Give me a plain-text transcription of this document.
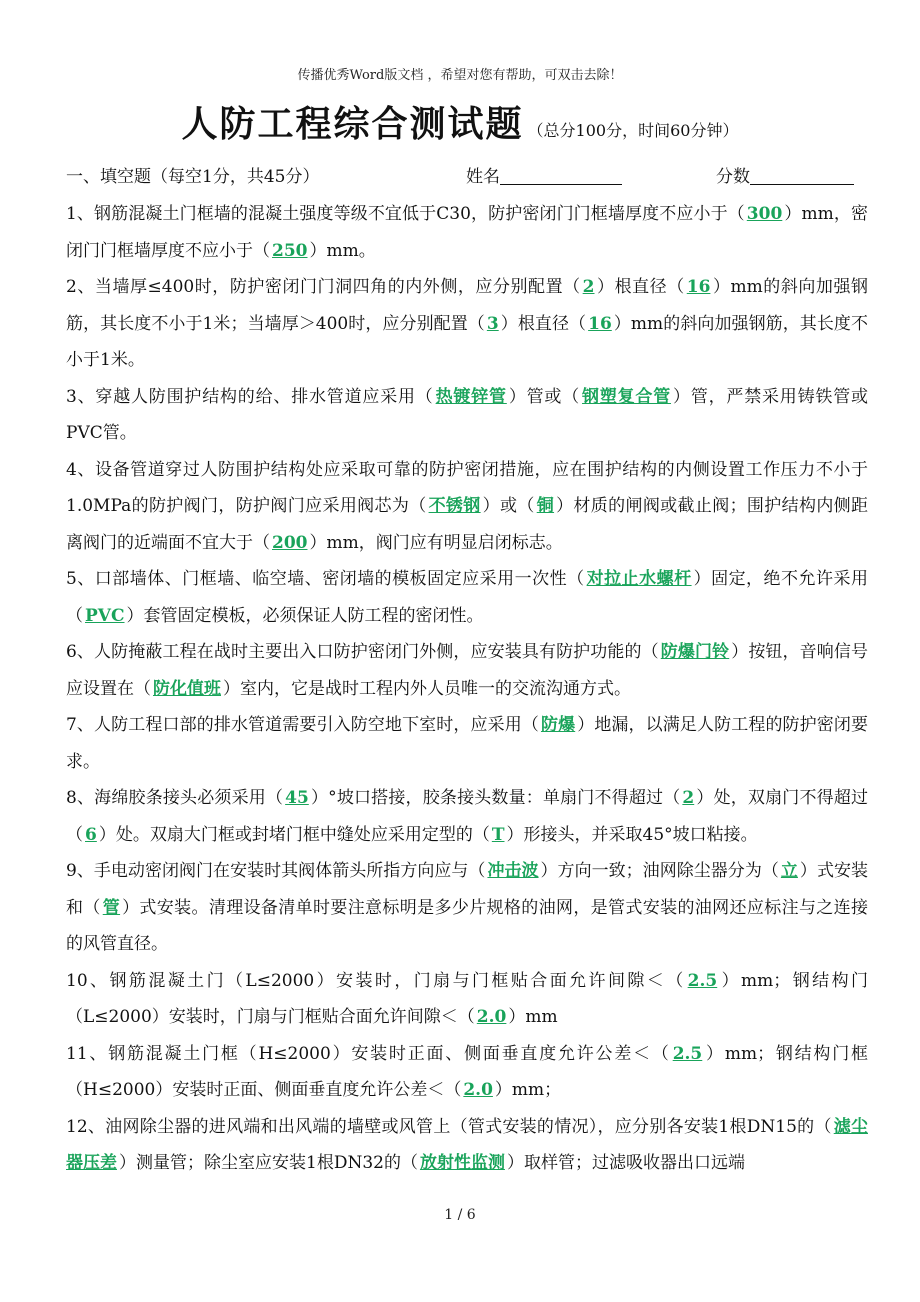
传播优秀Word版文档 ，希望对您有帮助，可双击去除！
人防工程综合测试题 （总分100分，时间60分钟）
一、填空题（每空1分，共45分）	姓名	分数

1、钢筋混凝土门框墙的混凝土强度等级不宜低于C30，防护密闭门门框墙厚度不应小于（ 300 ）mm，密闭门门框墙厚度不应小于（ 250 ）mm。

2、当墙厚≤400时，防护密闭门门洞四角的内外侧，应分别配置（ 2 ）根直径（ 16 ）mm的斜向加强钢筋，其长度不小于1米；当墙厚＞400时，应分别配置（ 3 ）根直径（ 16 ）mm的斜向加强钢筋，其长度不小于1米。

3、穿越人防围护结构的给、排水管道应采用（ 热镀锌管 ）管或（ 钢塑复合管 ）管，严禁采用铸铁管或PVC管。

4、设备管道穿过人防围护结构处应采取可靠的防护密闭措施，应在围护结构的内侧设置工作压力不小于1.0MPa的防护阀门，防护阀门应采用阀芯为（ 不锈钢 ）或（ 铜 ）材质的闸阀或截止阀；围护结构内侧距离阀门的近端面不宜大于（ 200 ）mm，阀门应有明显启闭标志。

5、口部墙体、门框墙、临空墙、密闭墙的模板固定应采用一次性（ 对拉止水螺杆 ）固定，绝不允许采用（ PVC ）套管固定模板，必须保证人防工程的密闭性。

6、人防掩蔽工程在战时主要出入口防护密闭门外侧，应安装具有防护功能的（ 防爆门铃 ）按钮，音响信号应设置在（ 防化值班 ）室内，它是战时工程内外人员唯一的交流沟通方式。

7、人防工程口部的排水管道需要引入防空地下室时，应采用（ 防爆 ）地漏，以满足人防工程的防护密闭要求。

8、海绵胶条接头必须采用（ 45 ）°坡口搭接，胶条接头数量：单扇门不得超过（ 2 ）处，双扇门不得超过（ 6 ）处。双扇大门框或封堵门框中缝处应采用定型的（ T ）形接头，并采取45°坡口粘接。

9、手电动密闭阀门在安装时其阀体箭头所指方向应与（ 冲击波 ）方向一致；油网除尘器分为（ 立 ）式安装和（ 管 ）式安装。清理设备清单时要注意标明是多少片规格的油网，是管式安装的油网还应标注与之连接的风管直径。

10、钢筋混凝土门（L≤2000）安装时，门扇与门框贴合面允许间隙＜（ 2.5 ）mm；钢结构门（L≤2000）安装时，门扇与门框贴合面允许间隙＜（ 2.0 ）mm

11、钢筋混凝土门框（H≤2000）安装时正面、侧面垂直度允许公差＜（ 2.5 ）mm；钢结构门框（H≤2000）安装时正面、侧面垂直度允许公差＜（ 2.0 ）mm；

12、油网除尘器的进风端和出风端的墙壁或风管上（管式安装的情况），应分别各安装1根DN15的（ 滤尘器压差 ）测量管；除尘室应安装1根DN32的（ 放射性监测 ）取样管；过滤吸收器出口远端

1 / 6
